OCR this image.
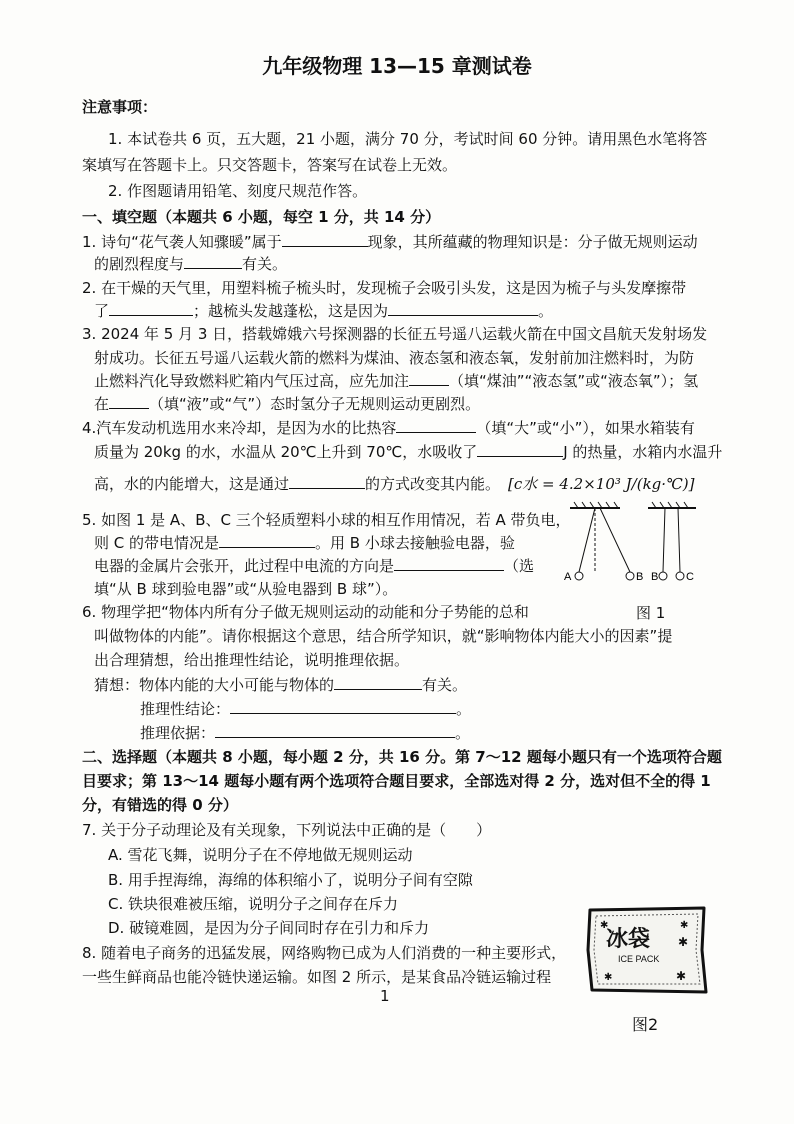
九年级物理 13—15 章测试卷
注意事项：
1. 本试卷共 6 页，五大题，21 小题，满分 70 分，考试时间 60 分钟。请用黑色水笔将答
案填写在答题卡上。只交答题卡，答案写在试卷上无效。
2. 作图题请用铅笔、刻度尺规范作答。
一、填空题（本题共 6 小题，每空 1 分，共 14 分）
1. 诗句“花气袭人知骤暖”属于	现象，其所蕴藏的物理知识是：分子做无规则运动
的剧烈程度与	有关。
2. 在干燥的天气里，用塑料梳子梳头时，发现梳子会吸引头发，这是因为梳子与头发摩擦带
了	；越梳头发越蓬松，这是因为	。
3. 2024 年 5 月 3 日，搭载嫦娥六号探测器的长征五号遥八运载火箭在中国文昌航天发射场发
射成功。长征五号遥八运载火箭的燃料为煤油、液态氢和液态氧，发射前加注燃料时，为防
止燃料汽化导致燃料贮箱内气压过高，应先加注	（填“煤油”“液态氢”或“液态氧”）；氢
在	（填“液”或“气”）态时氢分子无规则运动更剧烈。
4.汽车发动机选用水来冷却，是因为水的比热容	（填“大”或“小”），如果水箱装有
质量为 20kg 的水，水温从 20℃上升到 70℃，水吸收了	J 的热量，水箱内水温升
高，水的内能增大，这是通过	的方式改变其内能。 [c水 = 4.2×10³ J/(kg·℃)]
5. 如图 1 是 A、B、C 三个轻质塑料小球的相互作用情况，若 A 带负电，
则 C 的带电情况是	。用 B 小球去接触验电器，验
电器的金属片会张开，此过程中电流的方向是	（选
填“从 B 球到验电器”或“从验电器到 B 球”）。
A	B B	C
图 1
6. 物理学把“物体内所有分子做无规则运动的动能和分子势能的总和
叫做物体的内能”。请你根据这个意思，结合所学知识，就“影响物体内能大小的因素”提
出合理猜想，给出推理性结论，说明推理依据。
猜想：物体内能的大小可能与物体的	有关。
推理性结论：	。
推理依据：	。
二、选择题（本题共 8 小题，每小题 2 分，共 16 分。第 7～12 题每小题只有一个选项符合题
目要求；第 13～14 题每小题有两个选项符合题目要求，全部选对得 2 分，选对但不全的得 1
分，有错选的得 0 分）
7. 关于分子动理论及有关现象，下列说法中正确的是（　　）
A. 雪花飞舞，说明分子在不停地做无规则运动
B. 用手捏海绵，海绵的体积缩小了，说明分子间有空隙
C. 铁块很难被压缩，说明分子之间存在斥力
D. 破镜难圆，是因为分子间同时存在引力和斥力
8. 随着电子商务的迅猛发展，网络购物已成为人们消费的一种主要形式，
一些生鲜商品也能冷链快递运输。如图 2 所示，是某食品冷链运输过程
冰袋
ICE PACK
✱	✱
✱
✱	✱
图2
1
